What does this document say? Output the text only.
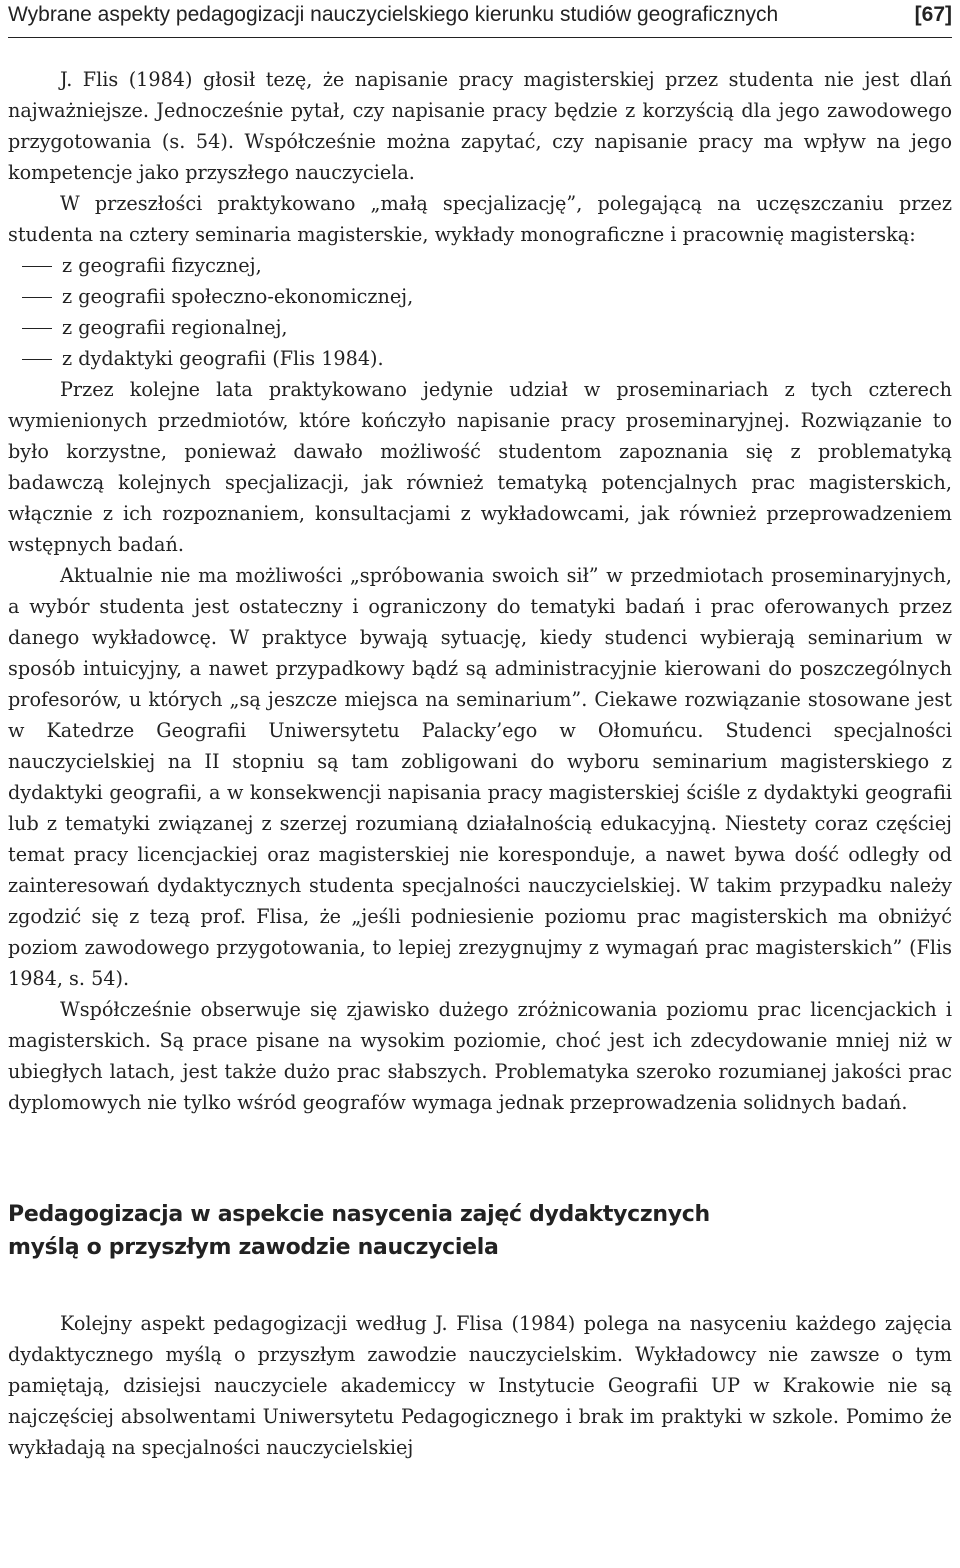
Wybrane aspekty pedagogizacji nauczycielskiego kierunku studiów geograficznych	[67]

J. Flis (1984) głosił tezę, że napisanie pracy magisterskiej przez studenta nie jest dlań najważniejsze. Jednocześnie pytał, czy napisanie pracy będzie z korzyścią dla jego zawodowego przygotowania (s. 54). Współcześnie można zapytać, czy napisanie pracy ma wpływ na jego kompetencje jako przyszłego nauczyciela.

W przeszłości praktykowano „małą specjalizację”, polegającą na uczęszczaniu przez studenta na cztery seminaria magisterskie, wykłady monograficzne i pracownię magisterską:

z geografii fizycznej,
z geografii społeczno-ekonomicznej,
z geografii regionalnej,
z dydaktyki geografii (Flis 1984).

Przez kolejne lata praktykowano jedynie udział w proseminariach z tych czterech wymienionych przedmiotów, które kończyło napisanie pracy proseminaryjnej. Rozwiązanie to było korzystne, ponieważ dawało możliwość studentom zapoznania się z problematyką badawczą kolejnych specjalizacji, jak również tematyką potencjalnych prac magisterskich, włącznie z ich rozpoznaniem, konsultacjami z wykładowcami, jak również przeprowadzeniem wstępnych badań.

Aktualnie nie ma możliwości „spróbowania swoich sił” w przedmiotach proseminaryjnych, a wybór studenta jest ostateczny i ograniczony do tematyki badań i prac oferowanych przez danego wykładowcę. W praktyce bywają sytuację, kiedy studenci wybierają seminarium w sposób intuicyjny, a nawet przypadkowy bądź są administracyjnie kierowani do poszczególnych profesorów, u których „są jeszcze miejsca na seminarium”. Ciekawe rozwiązanie stosowane jest w Katedrze Geografii Uniwersytetu Palacky’ego w Ołomuńcu. Studenci specjalności nauczycielskiej na II stopniu są tam zobligowani do wyboru seminarium magisterskiego z dydaktyki geografii, a w konsekwencji napisania pracy magisterskiej ściśle z dydaktyki geografii lub z tematyki związanej z szerzej rozumianą działalnością edukacyjną. Niestety coraz częściej temat pracy licencjackiej oraz magisterskiej nie koresponduje, a nawet bywa dość odległy od zainteresowań dydaktycznych studenta specjalności nauczycielskiej. W takim przypadku należy zgodzić się z tezą prof. Flisa, że „jeśli podniesienie poziomu prac magisterskich ma obniżyć poziom zawodowego przygotowania, to lepiej zrezygnujmy z wymagań prac magisterskich” (Flis 1984, s. 54).

Współcześnie obserwuje się zjawisko dużego zróżnicowania poziomu prac licencjackich i magisterskich. Są prace pisane na wysokim poziomie, choć jest ich zdecydowanie mniej niż w ubiegłych latach, jest także dużo prac słabszych. Problematyka szeroko rozumianej jakości prac dyplomowych nie tylko wśród geografów wymaga jednak przeprowadzenia solidnych badań.

Pedagogizacja w aspekcie nasycenia zajęć dydaktycznych
myślą o przyszłym zawodzie nauczyciela

Kolejny aspekt pedagogizacji według J. Flisa (1984) polega na nasyceniu każdego zajęcia dydaktycznego myślą o przyszłym zawodzie nauczycielskim. Wykładowcy nie zawsze o tym pamiętają, dzisiejsi nauczyciele akademiccy w Instytucie Geografii UP w Krakowie nie są najczęściej absolwentami Uniwersytetu Pedagogicznego i brak im praktyki w szkole. Pomimo że wykładają na specjalności nauczycielskiej
